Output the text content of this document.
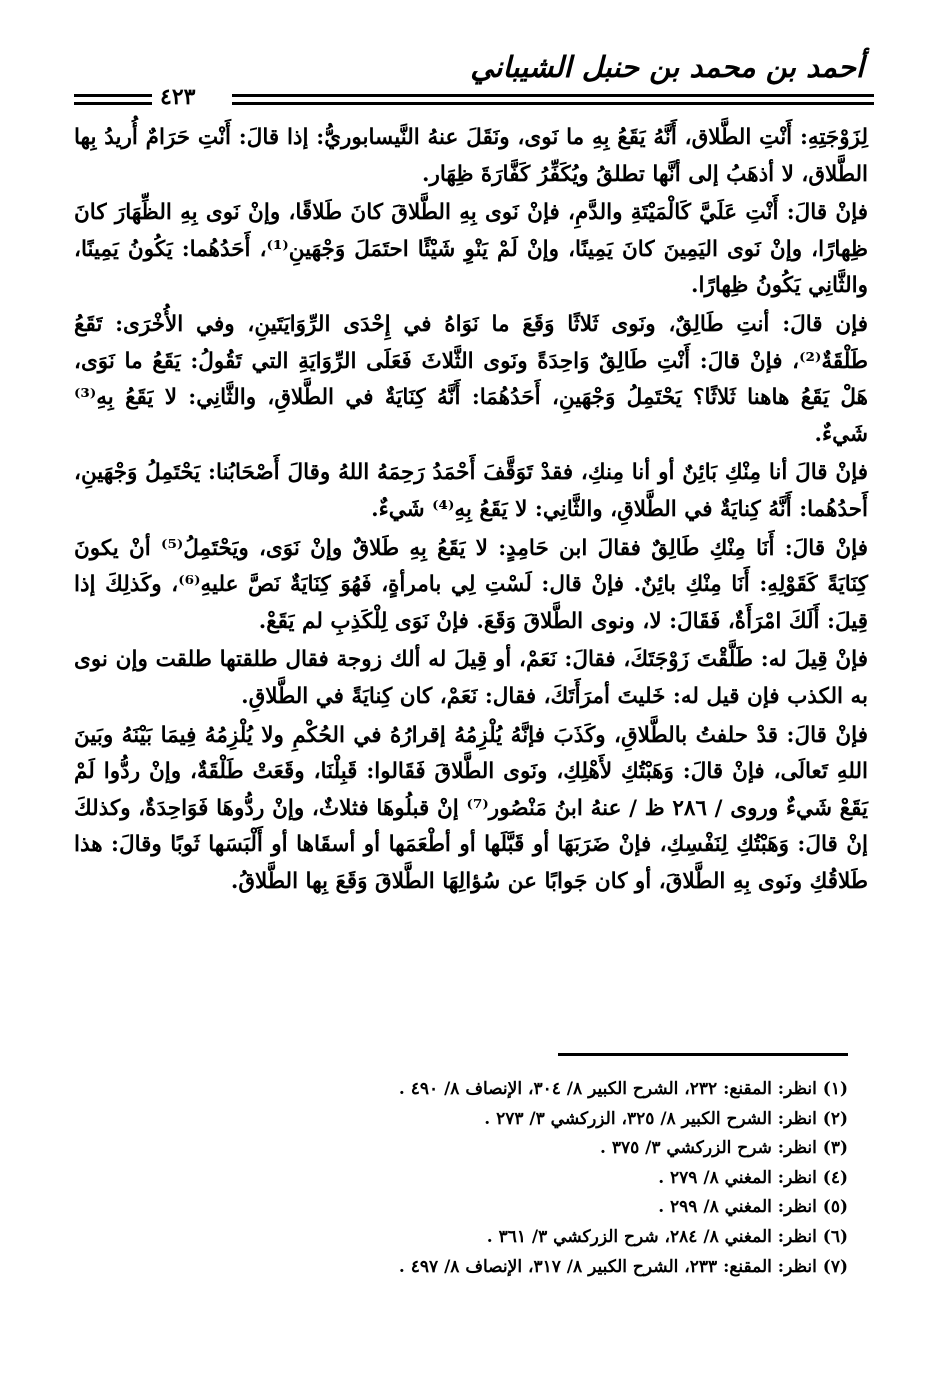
أحمد بن محمد بن حنبل الشيباني
٤٢٣

لِزَوْجَتِهِ: أَنْتِ الطَّلاق، أَنَّهُ يَقَعُ بِهِ ما نَوى، ونَقَلَ عنهُ النَّيسابوريُّ: إذا قالَ: أَنْتِ حَرَامٌ أُريدُ بِها الطَّلاق، لا أذهَبُ إلى أنَّها تطلقُ ويُكَفِّرُ كَفَّارَةَ ظِهَار.

فإنْ قالَ: أَنْتِ عَلَيَّ كَالْمَيْتَةِ والدَّمِ، فإنْ نَوى بِهِ الطَّلاقَ كانَ طَلاقًا، وإنْ نَوى بِهِ الظِّهَارَ كانَ ظِهارًا، وإنْ نَوى اليَمِينَ كانَ يَمِينًا، وإنْ لَمْ يَنْوِ شَيْئًا احتَمَلَ وَجْهَينِ⁽¹⁾، أَحَدُهُما: يَكُونُ يَمِينًا، والثَّانِي يَكُونُ ظِهارًا.

فإن قالَ: أنتِ طَالِقٌ، ونَوى ثَلاثًا وَقَعَ ما نَوَاهُ في إِحْدَى الرِّوَايَتَينِ، وفي الأُخْرَى: تَقَعُ طَلْقَةٌ⁽²⁾، فإنْ قالَ: أَنْتِ طَالِقٌ وَاحِدَةً ونَوى الثَّلاثَ فَعَلَى الرِّوَايَةِ التي تَقُولُ: يَقَعُ ما نَوَى، هَلْ يَقَعُ هاهنا ثَلاثًا؟ يَحْتَمِلُ وَجْهَينِ، أَحَدُهُمَا: أَنَّهُ كِنَايَةٌ في الطَّلاقِ، والثَّانِي: لا يَقَعُ بِهِ⁽³⁾ شَيءٌ.

فإنْ قالَ أنا مِنْكِ بَائِنٌ أو أنا مِنكِ، فقدْ تَوَقَّفَ أَحْمَدُ رَحِمَهُ اللهُ وقالَ أَصْحَابُنا: يَحْتَمِلُ وَجْهَينِ، أَحدُهُما: أَنَّهُ كِنايَةٌ في الطَّلاقِ، والثَّانِي: لا يَقَعُ بِهِ⁽⁴⁾ شَيءٌ.

فإنْ قالَ: أَنَا مِنْكِ طَالِقٌ فقالَ ابن حَامِدٍ: لا يَقَعُ بِهِ طَلاقٌ وإنْ نَوَى، ويَحْتَمِلُ⁽⁵⁾ أنْ يكونَ كِنَايَةً كَقَوْلِهِ: أَنَا مِنْكِ بائِنٌ. فإنْ قال: لَسْتِ لِي بامرأةٍ، فَهُوَ كِنَايَةٌ نَصَّ عليهِ⁽⁶⁾، وكَذلِكَ إذا قِيلَ: أَلَكَ امْرَأَةٌ، فَقَالَ: لا، ونوى الطَّلاقَ وَقَعَ. فإنْ نَوَى لِلْكَذِبِ لم يَقَعْ.

فإنْ قِيلَ له: طَلَّقْتَ زَوْجَتَكَ، فقالَ: نَعَمْ، أو قِيلَ له ألك زوجة فقال طلقتها طلقت وإن نوى به الكذب فإن قيل له: خَليتَ أمرَأَتَكَ، فقال: نَعَمْ، كان كِنايَةً في الطَّلاقِ.

فإنْ قالَ: قدْ حلفتُ بالطَّلاقِ، وكَذَبَ فإنَّهُ يُلْزِمُهُ إقرارُهُ في الحُكْمِ ولا يُلْزِمُهُ فِيمَا بَيْنَهُ وبَينَ اللهِ تَعالَى، فإنْ قالَ: وَهَبْتُكِ لأَهْلِكِ، ونَوى الطَّلاقَ فَقَالوا: قَبِلْنَا، وقَعَتْ طَلْقَةٌ، وإنْ ردُّوا لَمْ يَقَعْ شَيءٌ وروى / ٢٨٦ ظ / عنهُ ابنُ مَنْصُور⁽⁷⁾ إنْ قبلُوهَا فثلاثٌ، وإنْ ردُّوهَا فَوَاحِدَةٌ، وكذلكَ إنْ قالَ: وَهَبْتُكِ لِنَفْسِكِ، فإنْ ضَرَبَهَا أو قَبَّلَها أو أطْعَمَها أو أسقَاها أو أَلْبَسَها ثَوبًا وقالَ: هذا طَلاقُكِ ونَوى بِهِ الطَّلاقَ، أو كان جَوابًا عن سُؤالِهَا الطَّلاقَ وَقَعَ بِها الطَّلاقُ.

(١) انظر: المقنع: ٢٣٢، الشرح الكبير ٨/ ٣٠٤، الإنصاف ٨/ ٤٩٠ .
(٢) انظر: الشرح الكبير ٨/ ٣٢٥، الزركشي ٣/ ٢٧٣ .
(٣) انظر: شرح الزركشي ٣/ ٣٧٥ .
(٤) انظر: المغني ٨/ ٢٧٩ .
(٥) انظر: المغني ٨/ ٢٩٩ .
(٦) انظر: المغني ٨/ ٢٨٤، شرح الزركشي ٣/ ٣٦١ .
(٧) انظر: المقنع: ٢٣٣، الشرح الكبير ٨/ ٣١٧، الإنصاف ٨/ ٤٩٧ .
